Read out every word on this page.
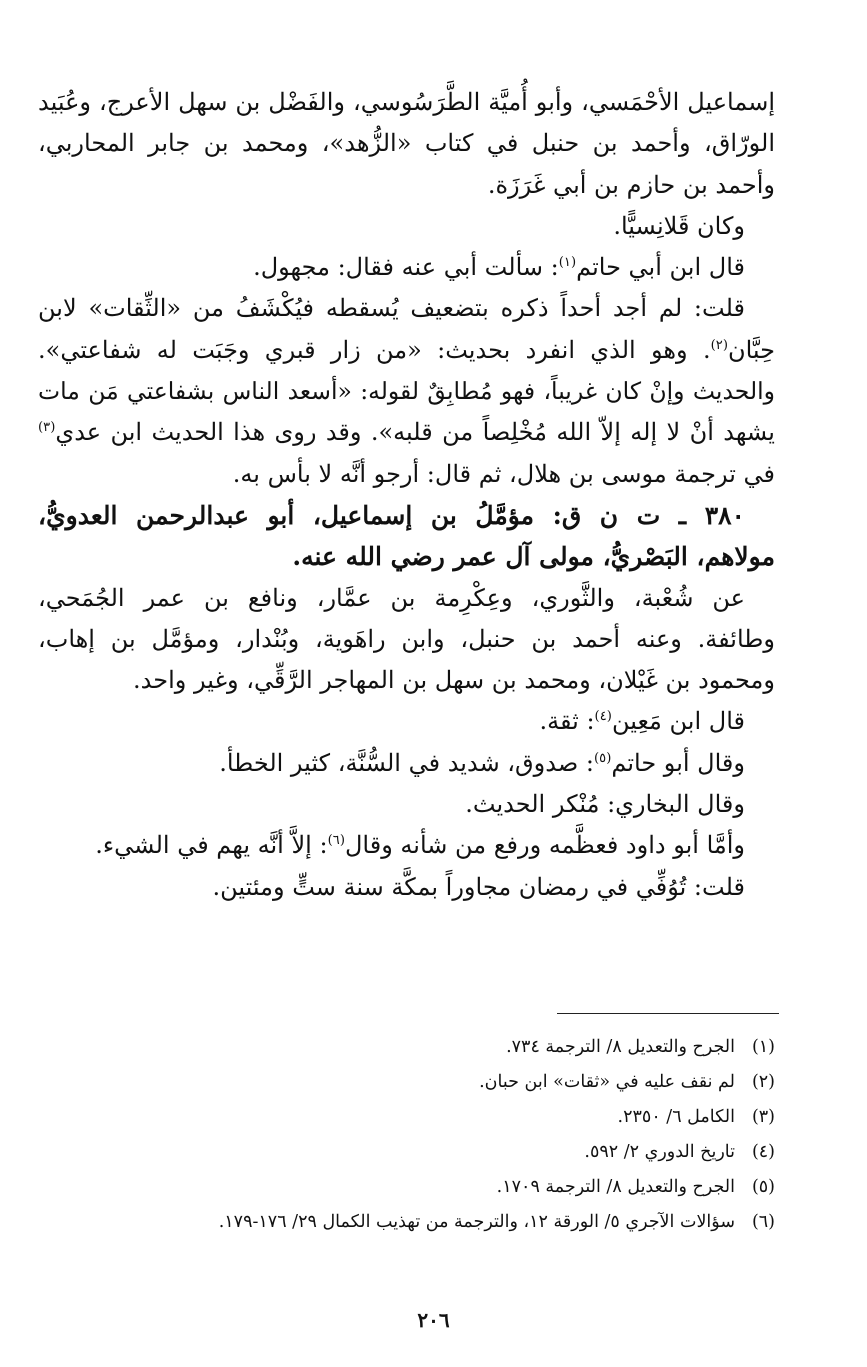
إسماعيل الأحْمَسي، وأبو أُميَّة الطَّرَسُوسي، والفَضْل بن سهل الأعرج، وعُبَيد
الورّاق، وأحمد بن حنبل في كتاب «الزُّهد»، ومحمد بن جابر المحاربي،
وأحمد بن حازم بن أبي غَرَزَة.
وكان قَلانِسيًّا.
قال ابن أبي حاتم$^{(١)}$: سألت أبي عنه فقال: مجهول.
قلت: لم أجد أحداً ذكره بتضعيف يُسقطه فيُكْشَفُ من «الثِّقات» لابن
حِبَّان$^{(٢)}$. وهو الذي انفرد بحديث: «من زار قبري وجَبَت له شفاعتي».
والحديث وإنْ كان غريباً، فهو مُطابِقٌ لقوله: «أسعد الناس بشفاعتي مَن مات
يشهد أنْ لا إله إلاّ الله مُخْلِصاً من قلبه». وقد روى هذا الحديث ابن عدي$^{(٣)}$
في ترجمة موسى بن هلال، ثم قال: أرجو أنَّه لا بأس به.
٣٨٠ ـ ت ن ق: مؤمَّلُ بن إسماعيل، أبو عبدالرحمن العدويُّ،
مولاهم، البَصْريُّ، مولى آل عمر رضي الله عنه.
عن شُعْبة، والثَّوري، وعِكْرِمة بن عمَّار، ونافع بن عمر الجُمَحي،
وطائفة. وعنه أحمد بن حنبل، وابن راهَوية، وبُنْدار، ومؤمَّل بن إهاب،
ومحمود بن غَيْلان، ومحمد بن سهل بن المهاجر الرَّقِّي، وغير واحد.
قال ابن مَعِين$^{(٤)}$: ثقة.
وقال أبو حاتم$^{(٥)}$: صدوق، شديد في السُّنَّة، كثير الخطأ.
وقال البخاري: مُنْكر الحديث.
وأمَّا أبو داود فعظَّمه ورفع من شأنه وقال$^{(٦)}$: إلاَّ أنَّه يهم في الشيء.
قلت: تُوُفِّي في رمضان مجاوراً بمكَّة سنة ستٍّ ومئتين.
(١)
الجرح والتعديل ٨/ الترجمة ٧٣٤.
(٢)
لم نقف عليه في «ثقات» ابن حبان.
(٣)
الكامل ٦/ ٢٣٥٠.
(٤)
تاريخ الدوري ٢/ ٥٩٢.
(٥)
الجرح والتعديل ٨/ الترجمة ١٧٠٩.
(٦)
سؤالات الآجري ٥/ الورقة ١٢، والترجمة من تهذيب الكمال ٢٩/ ١٧٦-١٧٩.
٢٠٦
